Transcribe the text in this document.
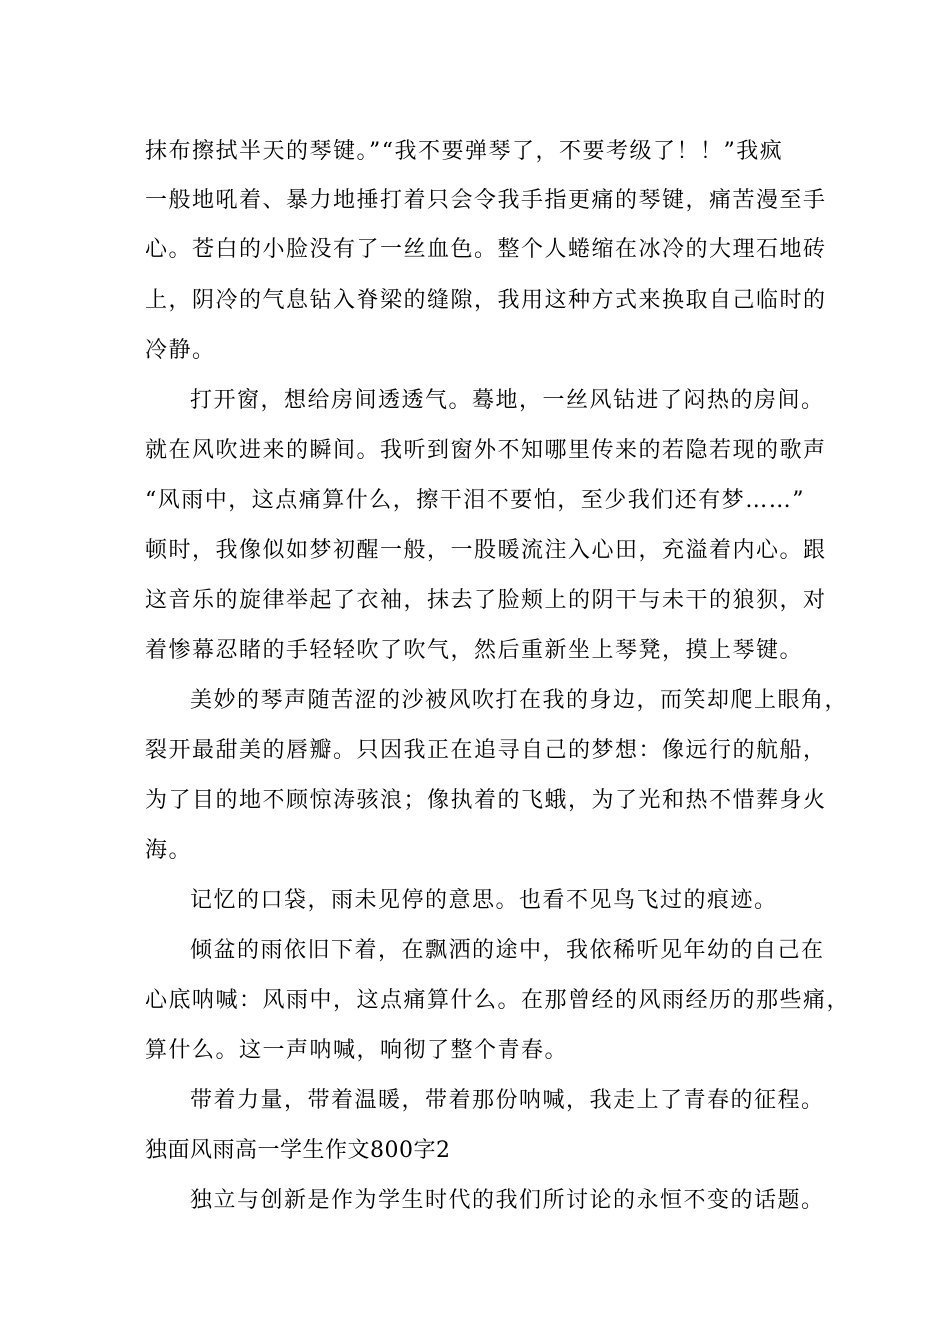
抹布擦拭半天的琴键。”“我不要弹琴了，不要考级了！！”我疯
一般地吼着、暴力地捶打着只会令我手指更痛的琴键，痛苦漫至手
心。苍白的小脸没有了一丝血色。整个人蜷缩在冰冷的大理石地砖
上，阴冷的气息钻入脊梁的缝隙，我用这种方式来换取自己临时的
冷静。
打开窗，想给房间透透气。蓦地，一丝风钻进了闷热的房间。
就在风吹进来的瞬间。我听到窗外不知哪里传来的若隐若现的歌声
“风雨中，这点痛算什么，擦干泪不要怕，至少我们还有梦……”
顿时，我像似如梦初醒一般，一股暖流注入心田，充溢着内心。跟
这音乐的旋律举起了衣袖，抹去了脸颊上的阴干与未干的狼狈，对
着惨幕忍睹的手轻轻吹了吹气，然后重新坐上琴凳，摸上琴键。
美妙的琴声随苦涩的沙被风吹打在我的身边，而笑却爬上眼角，
裂开最甜美的唇瓣。只因我正在追寻自己的梦想：像远行的航船，
为了目的地不顾惊涛骇浪；像执着的飞蛾，为了光和热不惜葬身火
海。
记忆的口袋，雨未见停的意思。也看不见鸟飞过的痕迹。
倾盆的雨依旧下着，在飘洒的途中，我依稀听见年幼的自己在
心底呐喊：风雨中，这点痛算什么。在那曾经的风雨经历的那些痛，
算什么。这一声呐喊，响彻了整个青春。
带着力量，带着温暖，带着那份呐喊，我走上了青春的征程。
独面风雨高一学生作文800字2
独立与创新是作为学生时代的我们所讨论的永恒不变的话题。
